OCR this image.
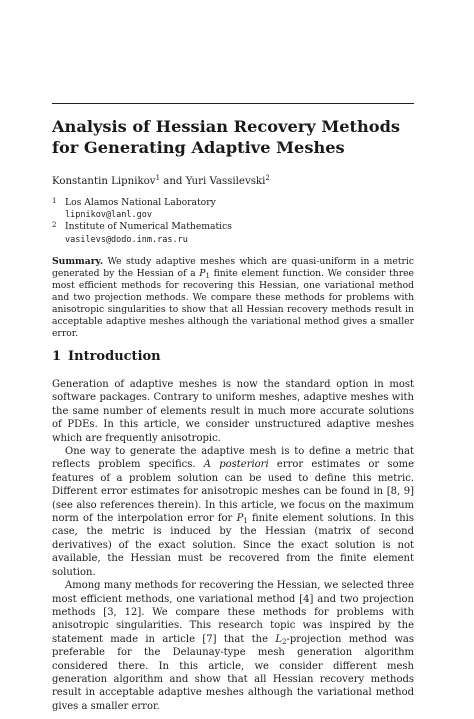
Analysis of Hessian Recovery Methods
for Generating Adaptive Meshes
Konstantin Lipnikov$^1$ and Yuri Vassilevski$^2$
1 Los Alamos National Laboratory
lipnikov@lanl.gov
2 Institute of Numerical Mathematics
vasilevs@dodo.inm.ras.ru
Summary. We study adaptive meshes which are quasi-uniform in a metric generated by the Hessian of a $P_1$ finite element function. We consider three most efficient methods for recovering this Hessian, one variational method and two projection methods. We compare these methods for problems with anisotropic singularities to show that all Hessian recovery methods result in acceptable adaptive meshes although the variational method gives a smaller error.
1 Introduction

Generation of adaptive meshes is now the standard option in most software packages. Contrary to uniform meshes, adaptive meshes with the same number of elements result in much more accurate solutions of PDEs. In this article, we consider unstructured adaptive meshes which are frequently anisotropic.

One way to generate the adaptive mesh is to define a metric that reflects problem specifics. A posteriori error estimates or some features of a problem solution can be used to define this metric. Different error estimates for anisotropic meshes can be found in [8, 9] (see also references therein). In this article, we focus on the maximum norm of the interpolation error for $P_1$ finite element solutions. In this case, the metric is induced by the Hessian (matrix of second derivatives) of the exact solution. Since the exact solution is not available, the Hessian must be recovered from the finite element solution.

Among many methods for recovering the Hessian, we selected three most efficient methods, one variational method [4] and two projection methods [3, 12]. We compare these methods for problems with anisotropic singularities. This research topic was inspired by the statement made in article [7] that the $L_2$-projection method was preferable for the Delaunay-type mesh generation algorithm considered there. In this article, we consider different mesh generation algorithm and show that all Hessian recovery methods result in acceptable adaptive meshes although the variational method gives a smaller error.
